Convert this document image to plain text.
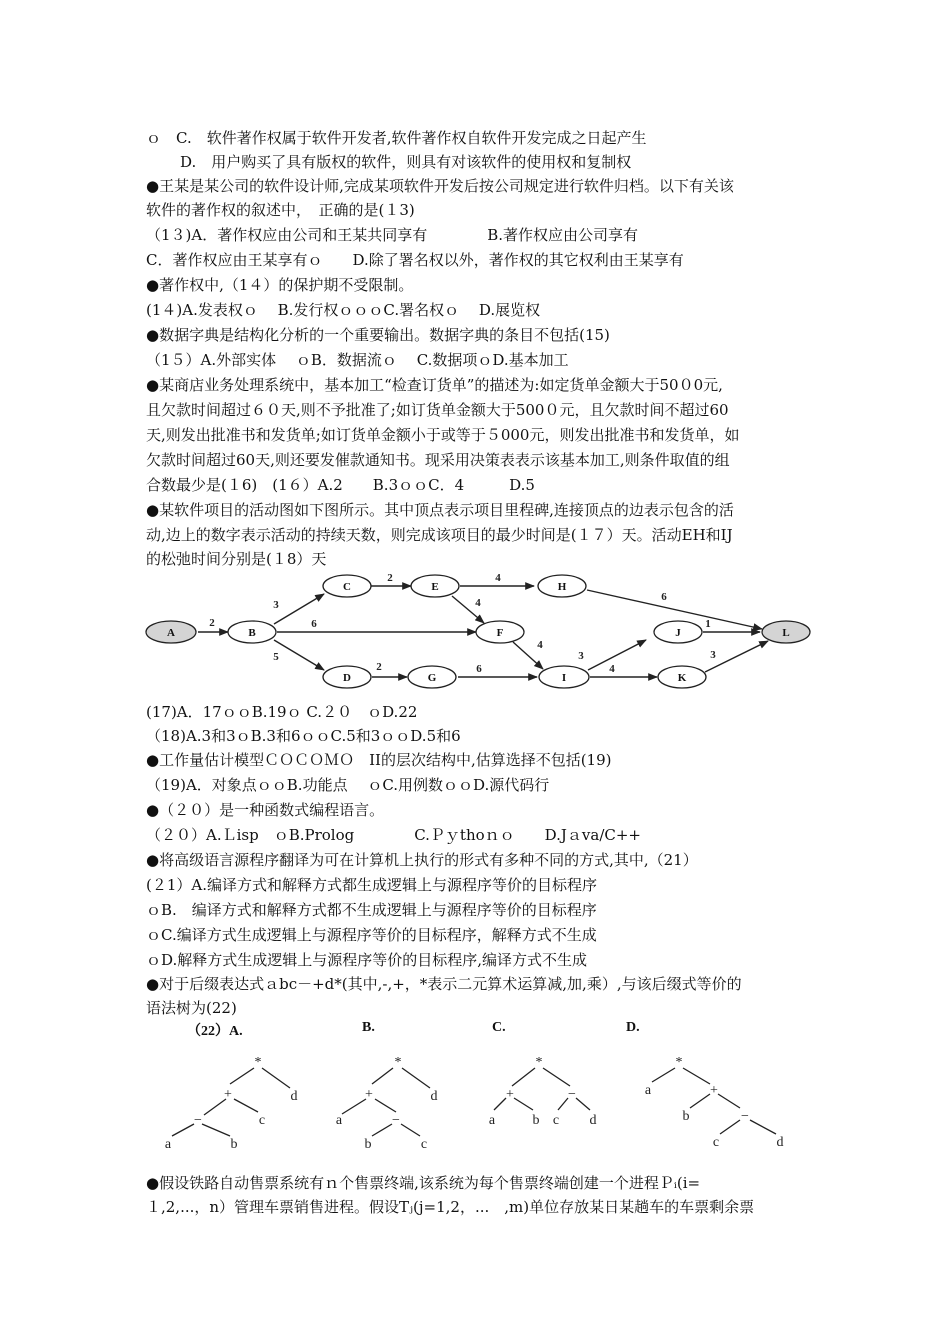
ｏ　C.　软件著作权属于软件开发者,软件著作权自软件开发完成之日起产生
D.　用户购买了具有版权的软件，则具有对该软件的使用权和复制权
●王某是某公司的软件设计师,完成某项软件开发后按公司规定进行软件归档。以下有关该
软件的著作权的叙述中，　正确的是(１3)
（1３)A．著作权应由公司和王某共同享有　　　　B.著作权应由公司享有
C．著作权应由王某享有ｏ　　D.除了署名权以外，著作权的其它权利由王某享有
●著作权中,（1４）的保护期不受限制。
(1４)A.发表权ｏ　 B.发行权ｏｏｏC.署名权ｏ　 D.展览权
●数据字典是结构化分析的一个重要输出。数据字典的条目不包括(15)
（1５）A.外部实体　 ｏB．数据流ｏ　 C.数据项ｏD.基本加工
●某商店业务处理系统中，基本加工“检查订货单”的描述为:如定货单金额大于50０0元,
且欠款时间超过６０天,则不予批准了;如订货单金额大于500０元，且欠款时间不超过60
天,则发出批准书和发货单;如订货单金额小于或等于５000元，则发出批准书和发货单，如
欠款时间超过60天,则还要发催款通知书。现采用决策表表示该基本加工,则条件取值的组
合数最少是(１6)　(1６）A.2　　B.3ｏｏC．4　　　D.5
●某软件项目的活动图如下图所示。其中顶点表示项目里程碑,连接顶点的边表示包含的活
动,边上的数字表示活动的持续天数，则完成该项目的最少时间是(１７）天。活动EH和IJ
的松弛时间分别是(１8）天
2
3
6
5
2	4
4
2	6
4
6
3
4
1
3
A	B
C
D
E
F
G
H
I
J
K
L
(17)A．17ｏｏB.19ｏ C.２０　ｏD.22
（18)A.3和3ｏB.3和6ｏｏC.5和3ｏｏD.5和6
●工作量估计模型ＣＯＣＯＭＯ　II的层次结构中,估算选择不包括(19)
（19)A．对象点ｏｏB.功能点　 ｏC.用例数ｏｏD.源代码行
●（２０）是一种函数式编程语言。
（２０）A.Ｌisp　ｏB.Prolog　　　　C.Ｐｙthoｎｏ　　D.Jａva/C++
●将高级语言源程序翻译为可在计算机上执行的形式有多种不同的方式,其中,（21）
(２1）A.编译方式和解释方式都生成逻辑上与源程序等价的目标程序
ｏB.　编译方式和解释方式都不生成逻辑上与源程序等价的目标程序
ｏC.编译方式生成逻辑上与源程序等价的目标程序，解释方式不生成
ｏD.解释方式生成逻辑上与源程序等价的目标程序,编译方式不生成
●对于后缀表达式ａbc－+d*(其中,-,+，*表示二元算术运算减,加,乘）,与该后缀式等价的
语法树为(22)
（22）A.	B.	C.	D.
*
+
−
a	b
c
d
*
+
−
a
b	c
d
*
+	−
a	b c d
*
+
−
a
b
c	d
●假设铁路自动售票系统有ｎ个售票终端,该系统为每个售票终端创建一个进程Ｐᵢ(i=
１,2,...，n）管理车票销售进程。假设Tⱼ(j=1,2，...　,m)单位存放某日某趟车的车票剩余票
